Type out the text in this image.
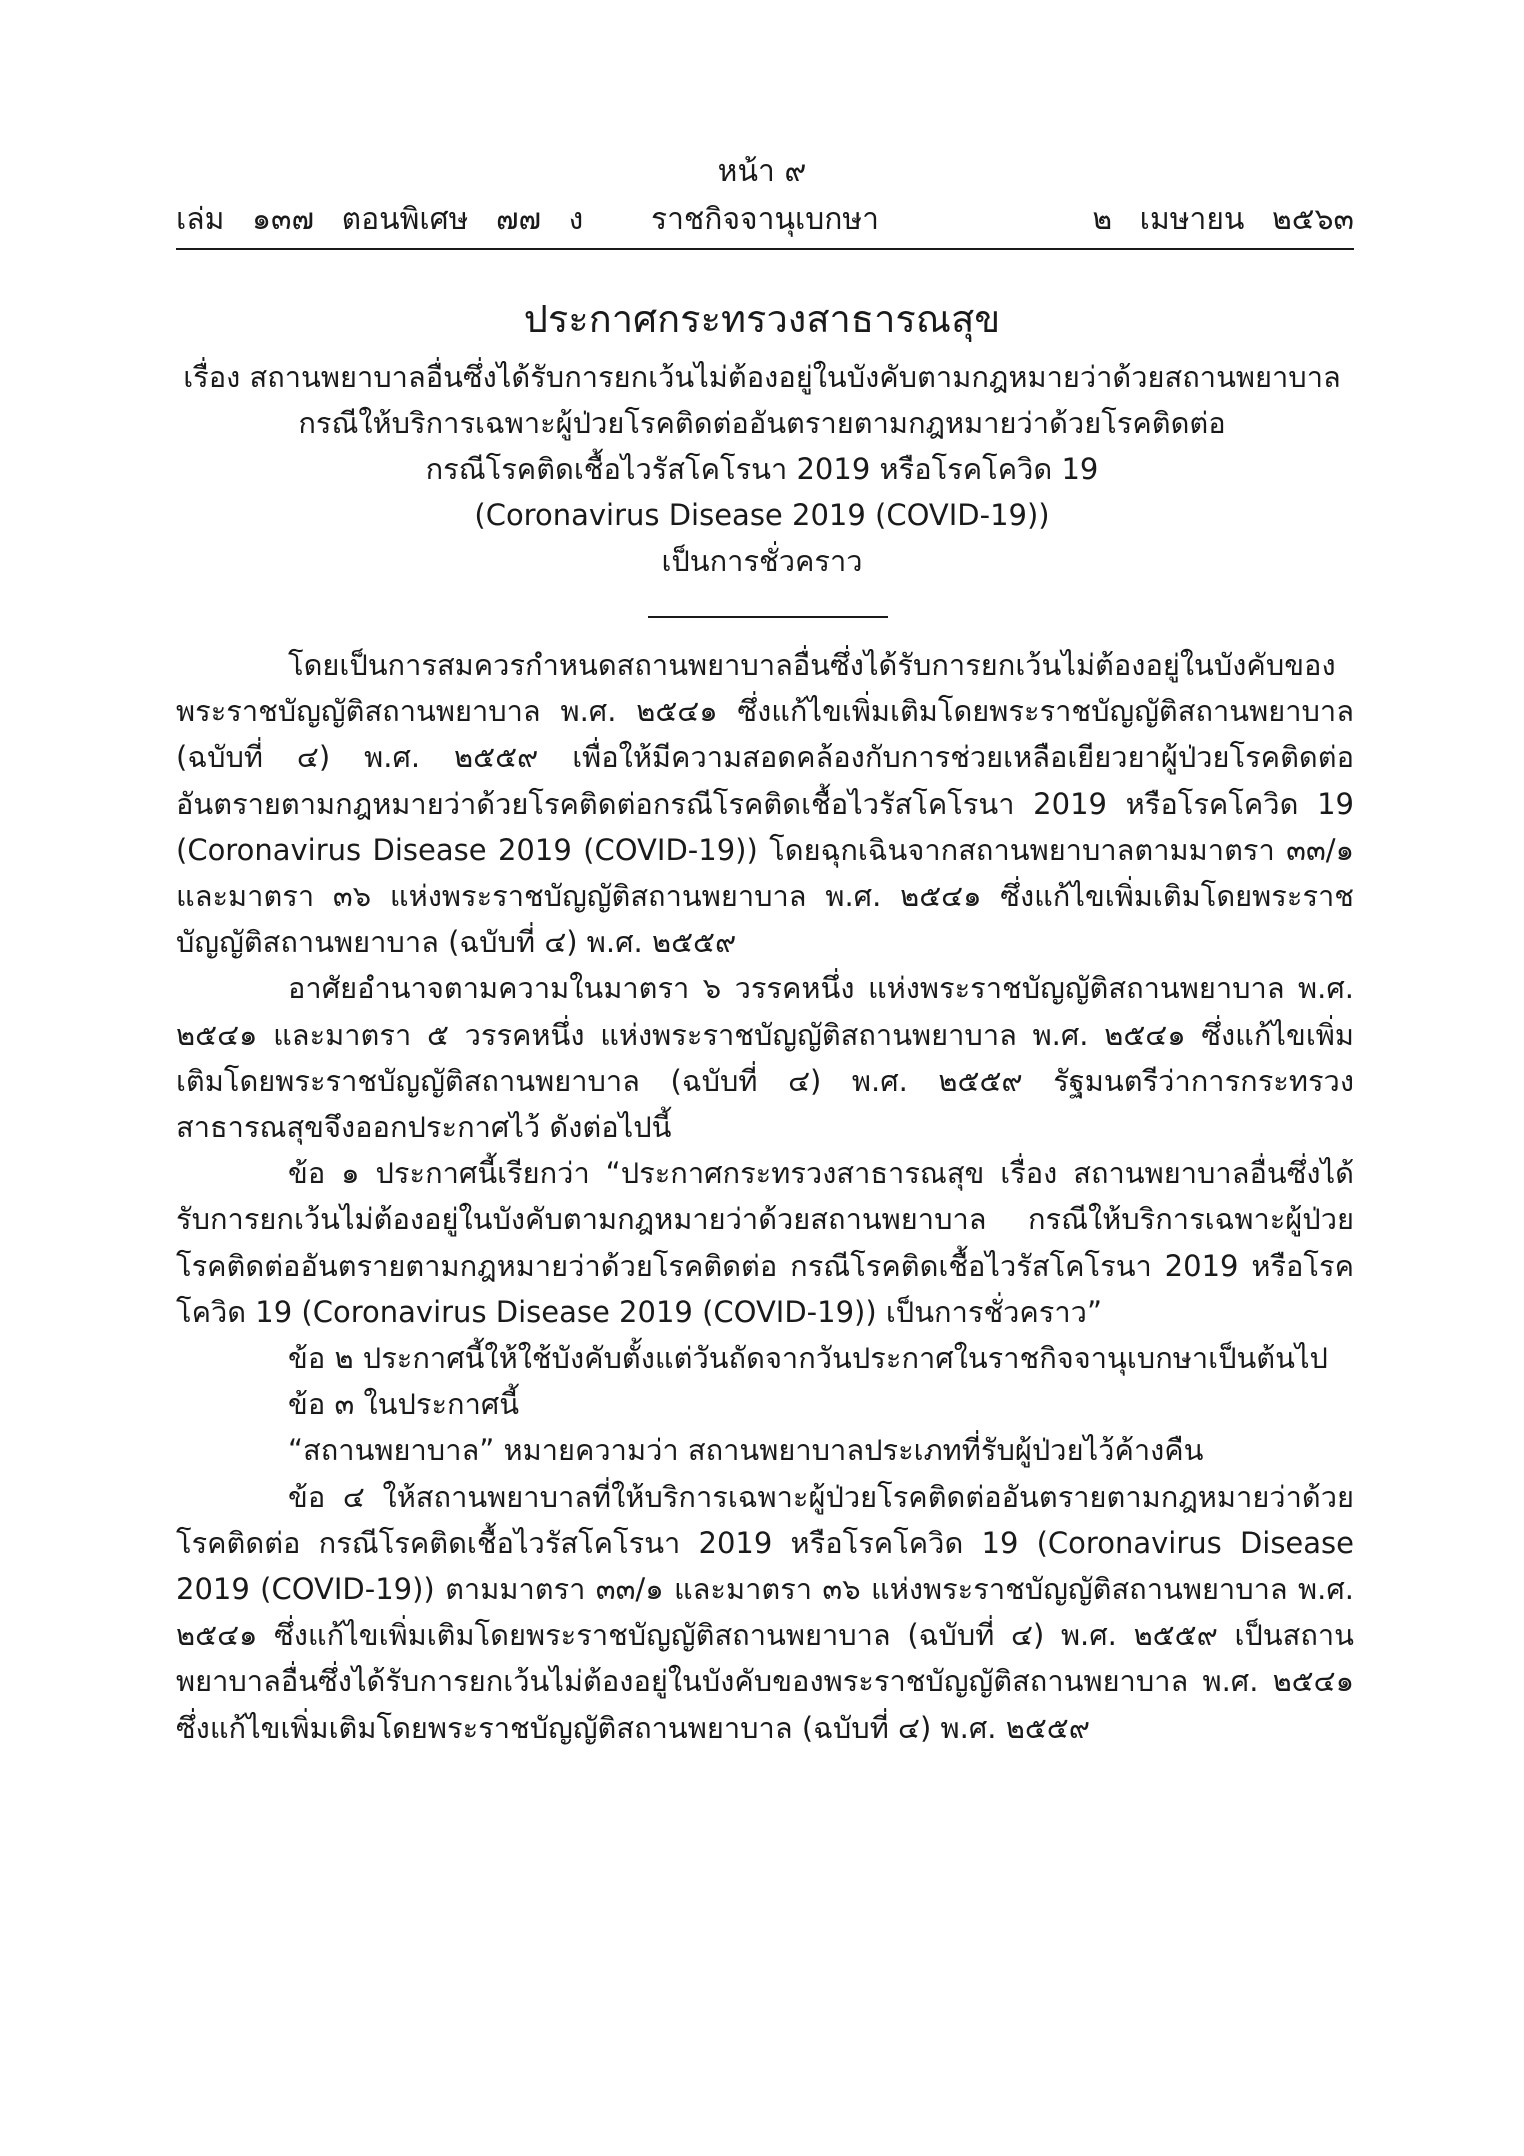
หน้า ๙
เล่ม ๑๓๗ ตอนพิเศษ ๗๗ ง	ราชกิจจานุเบกษา	๒ เมษายน ๒๕๖๓
ประกาศกระทรวงสาธารณสุข
เรื่อง สถานพยาบาลอื่นซึ่งได้รับการยกเว้นไม่ต้องอยู่ในบังคับตามกฎหมายว่าด้วยสถานพยาบาล
กรณีให้บริการเฉพาะผู้ป่วยโรคติดต่ออันตรายตามกฎหมายว่าด้วยโรคติดต่อ
กรณีโรคติดเชื้อไวรัสโคโรนา 2019 หรือโรคโควิด 19
(Coronavirus Disease 2019 (COVID-19))
เป็นการชั่วคราว

โดยเป็นการสมควรกำหนดสถานพยาบาลอื่นซึ่งได้รับการยกเว้นไม่ต้องอยู่ในบังคับของพระราชบัญญัติสถานพยาบาล พ.ศ. ๒๕๔๑ ซึ่งแก้ไขเพิ่มเติมโดยพระราชบัญญัติสถานพยาบาล (ฉบับที่ ๔) พ.ศ. ๒๕๕๙ เพื่อให้มีความสอดคล้องกับการช่วยเหลือเยียวยาผู้ป่วยโรคติดต่ออันตรายตามกฎหมายว่าด้วยโรคติดต่อกรณีโรคติดเชื้อไวรัสโคโรนา 2019 หรือโรคโควิด 19 (Coronavirus Disease 2019 (COVID-19)) โดยฉุกเฉินจากสถานพยาบาลตามมาตรา ๓๓/๑ และมาตรา ๓๖ แห่งพระราชบัญญัติสถานพยาบาล พ.ศ. ๒๕๔๑ ซึ่งแก้ไขเพิ่มเติมโดยพระราชบัญญัติสถานพยาบาล (ฉบับที่ ๔) พ.ศ. ๒๕๕๙

อาศัยอำนาจตามความในมาตรา ๖ วรรคหนึ่ง แห่งพระราชบัญญัติสถานพยาบาล พ.ศ. ๒๕๔๑ และมาตรา ๕ วรรคหนึ่ง แห่งพระราชบัญญัติสถานพยาบาล พ.ศ. ๒๕๔๑ ซึ่งแก้ไขเพิ่มเติมโดยพระราชบัญญัติสถานพยาบาล (ฉบับที่ ๔) พ.ศ. ๒๕๕๙ รัฐมนตรีว่าการกระทรวงสาธารณสุขจึงออกประกาศไว้ ดังต่อไปนี้

ข้อ ๑ ประกาศนี้เรียกว่า “ประกาศกระทรวงสาธารณสุข เรื่อง สถานพยาบาลอื่นซึ่งได้รับการยกเว้นไม่ต้องอยู่ในบังคับตามกฎหมายว่าด้วยสถานพยาบาล กรณีให้บริการเฉพาะผู้ป่วยโรคติดต่ออันตรายตามกฎหมายว่าด้วยโรคติดต่อ กรณีโรคติดเชื้อไวรัสโคโรนา 2019 หรือโรคโควิด 19 (Coronavirus Disease 2019 (COVID-19)) เป็นการชั่วคราว”

ข้อ ๒ ประกาศนี้ให้ใช้บังคับตั้งแต่วันถัดจากวันประกาศในราชกิจจานุเบกษาเป็นต้นไป

ข้อ ๓ ในประกาศนี้

“สถานพยาบาล” หมายความว่า สถานพยาบาลประเภทที่รับผู้ป่วยไว้ค้างคืน

ข้อ ๔ ให้สถานพยาบาลที่ให้บริการเฉพาะผู้ป่วยโรคติดต่ออันตรายตามกฎหมายว่าด้วยโรคติดต่อ กรณีโรคติดเชื้อไวรัสโคโรนา 2019 หรือโรคโควิด 19 (Coronavirus Disease 2019 (COVID-19)) ตามมาตรา ๓๓/๑ และมาตรา ๓๖ แห่งพระราชบัญญัติสถานพยาบาล พ.ศ. ๒๕๔๑ ซึ่งแก้ไขเพิ่มเติมโดยพระราชบัญญัติสถานพยาบาล (ฉบับที่ ๔) พ.ศ. ๒๕๕๙ เป็นสถานพยาบาลอื่นซึ่งได้รับการยกเว้นไม่ต้องอยู่ในบังคับของพระราชบัญญัติสถานพยาบาล พ.ศ. ๒๕๔๑ ซึ่งแก้ไขเพิ่มเติมโดยพระราชบัญญัติสถานพยาบาล (ฉบับที่ ๔) พ.ศ. ๒๕๕๙
